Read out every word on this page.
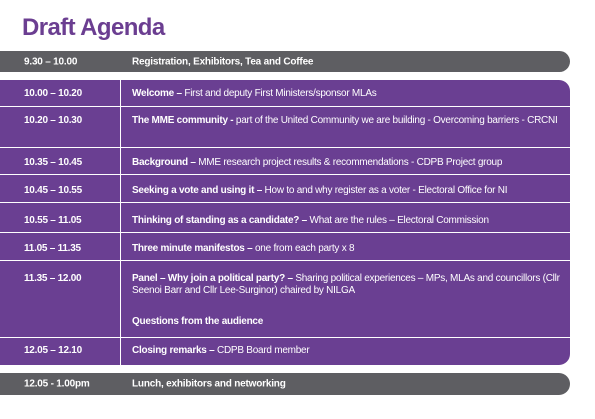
Draft Agenda
9.30 – 10.00	Registration, Exhibitors, Tea and Coffee
10.00 – 10.20	Welcome – First and deputy First Ministers/sponsor MLAs
10.20 – 10.30	The MME community - part of the United Community we are building - Overcoming barriers - CRCNI
10.35 – 10.45	Background – MME research project results & recommendations - CDPB Project group
10.45 – 10.55	Seeking a vote and using it – How to and why register as a voter - Electoral Office for NI
10.55 – 11.05	Thinking of standing as a candidate? – What are the rules – Electoral Commission
11.05 – 11.35	Three minute manifestos – one from each party x 8
11.35 – 12.00	Panel – Why join a political party? – Sharing political experiences – MPs, MLAs and councillors (Cllr Seenoi Barr and Cllr Lee-Surginor) chaired by NILGA
Questions from the audience
12.05 – 12.10	Closing remarks – CDPB Board member
12.05 - 1.00pm	Lunch, exhibitors and networking
